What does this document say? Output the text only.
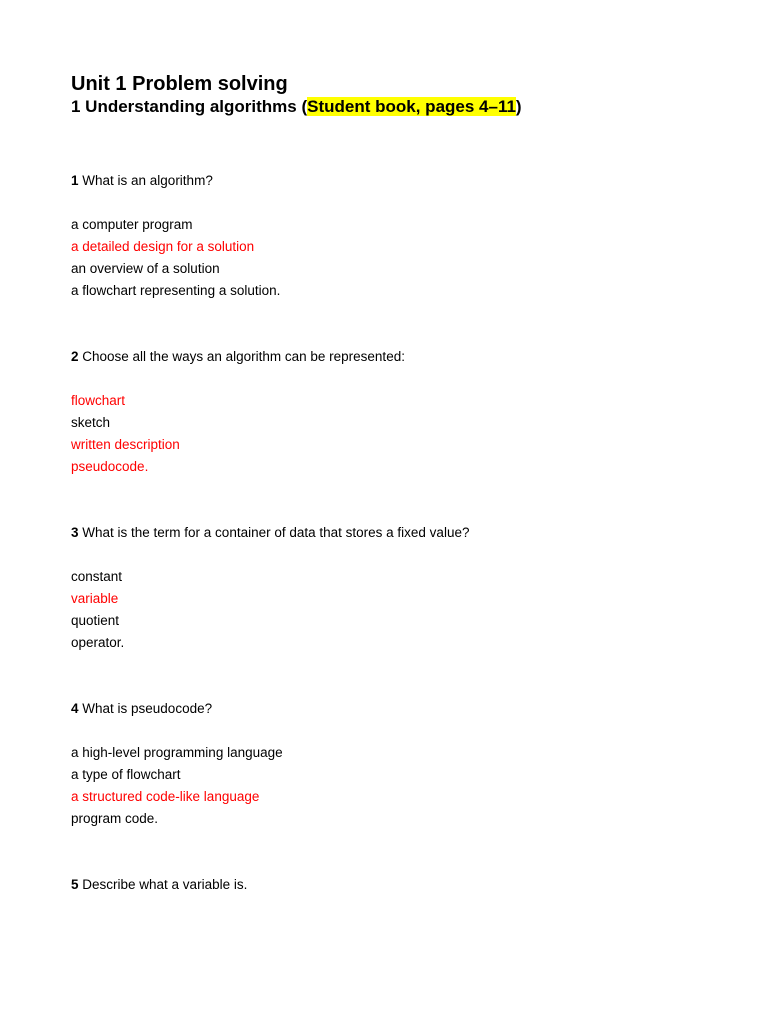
Unit 1 Problem solving
1 Understanding algorithms (Student book, pages 4–11)

1 What is an algorithm?

a computer program
a detailed design for a solution
an overview of a solution
a flowchart representing a solution.

2 Choose all the ways an algorithm can be represented:

flowchart
sketch
written description
pseudocode.

3 What is the term for a container of data that stores a fixed value?

constant
variable
quotient
operator.

4 What is pseudocode?

a high-level programming language
a type of flowchart
a structured code-like language
program code.

5 Describe what a variable is.
